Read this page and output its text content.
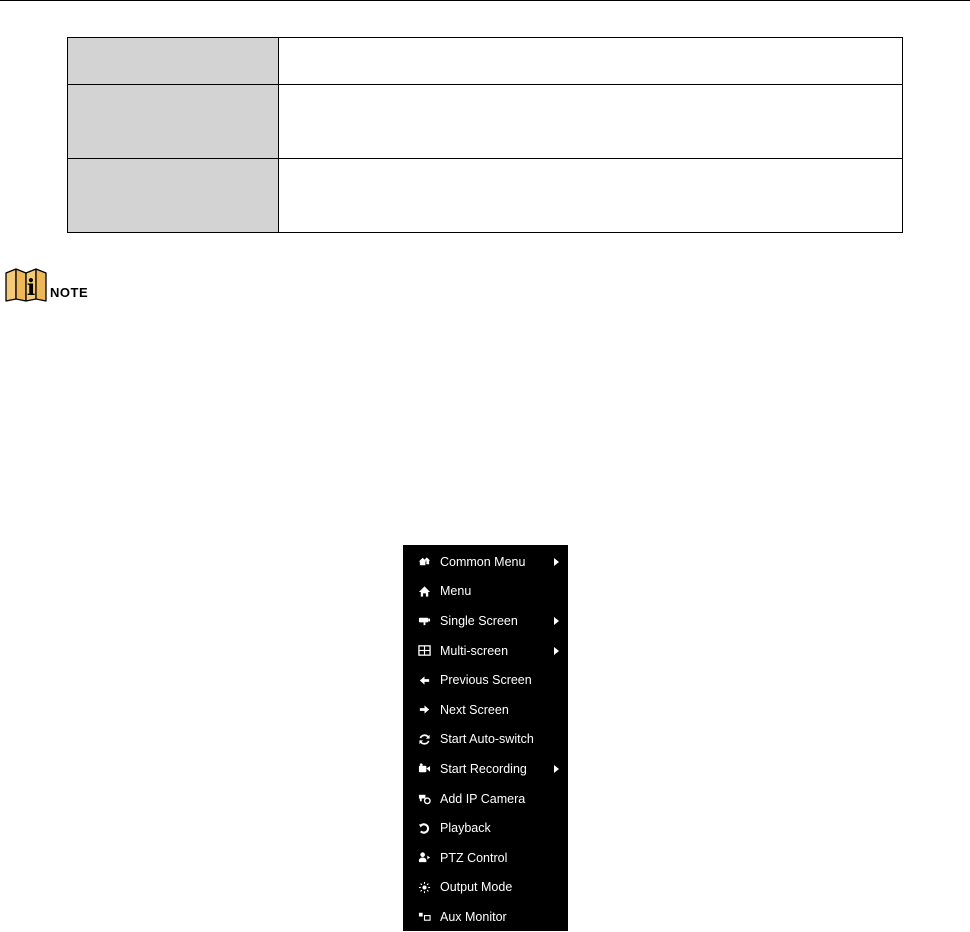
i NOTE
Common Menu
Menu
Single Screen
Multi-screen
Previous Screen
Next Screen
Start Auto-switch
Start Recording
Add IP Camera
Playback
PTZ Control
Output Mode
Aux Monitor
